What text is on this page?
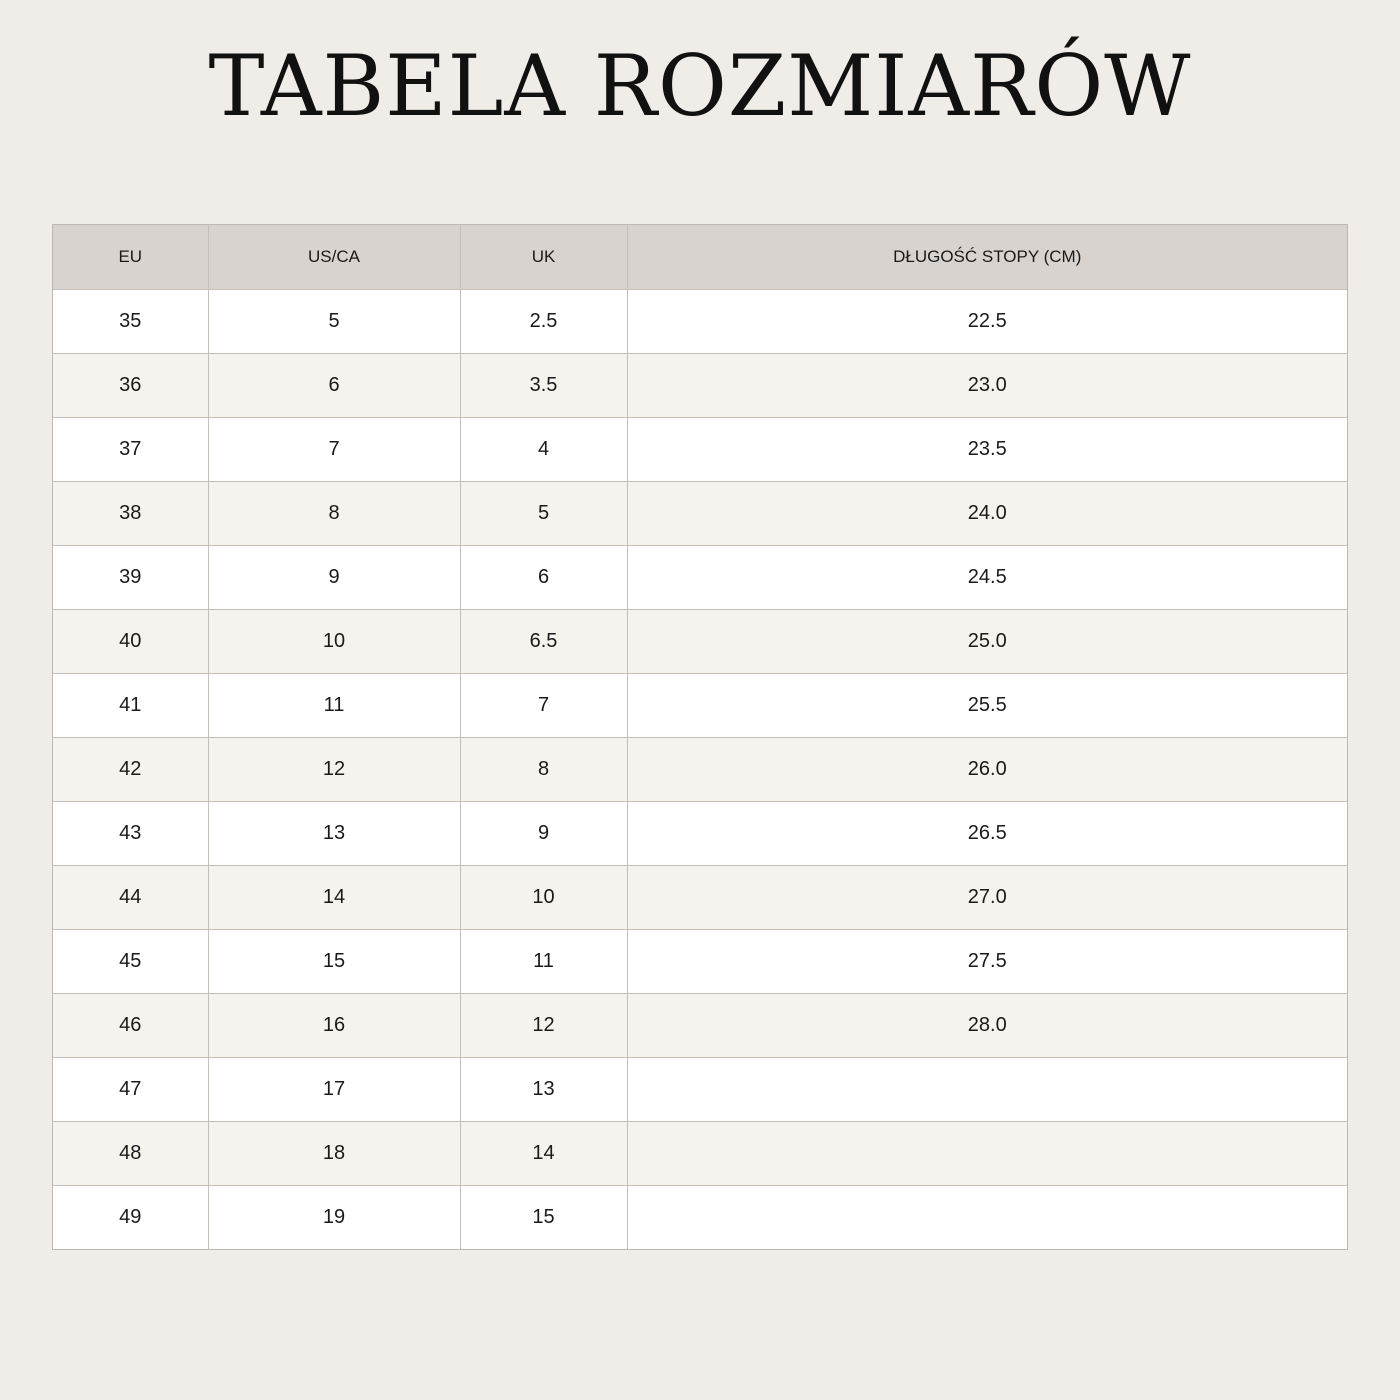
TABELA ROZMIARÓW
EU	US/CA	UK	DŁUGOŚĆ STOPY (CM)
35	5	2.5	22.5
36	6	3.5	23.0
37	7	4	23.5
38	8	5	24.0
39	9	6	24.5
40	10	6.5	25.0
41	11	7	25.5
42	12	8	26.0
43	13	9	26.5
44	14	10	27.0
45	15	11	27.5
46	16	12	28.0
47	17	13	
48	18	14	
49	19	15	
